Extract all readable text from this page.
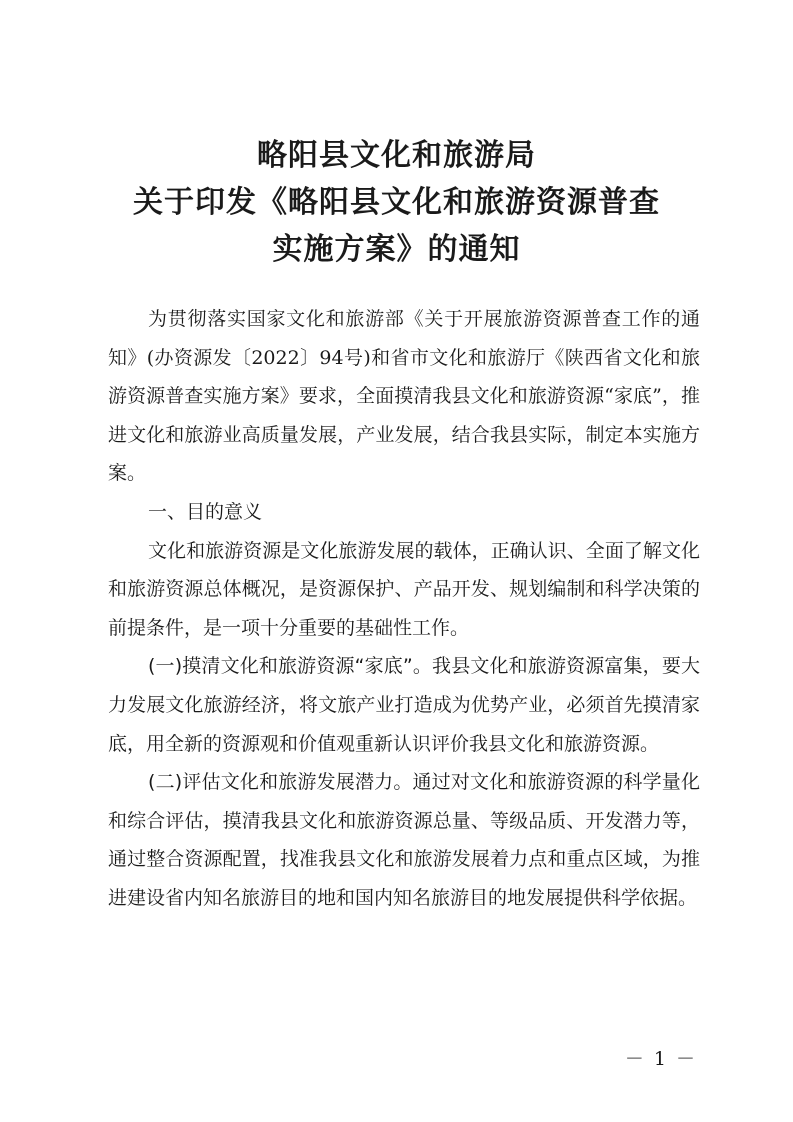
略阳县文化和旅游局
关于印发《略阳县文化和旅游资源普查
实施方案》的通知

为贯彻落实国家文化和旅游部《关于开展旅游资源普查工作的通知》(办资源发〔2022〕94号)和省市文化和旅游厅《陕西省文化和旅游资源普查实施方案》要求，全面摸清我县文化和旅游资源“家底”，推进文化和旅游业高质量发展，产业发展，结合我县实际，制定本实施方案。

一、目的意义

文化和旅游资源是文化旅游发展的载体，正确认识、全面了解文化和旅游资源总体概况，是资源保护、产品开发、规划编制和科学决策的前提条件，是一项十分重要的基础性工作。

(一)摸清文化和旅游资源“家底”。我县文化和旅游资源富集，要大力发展文化旅游经济，将文旅产业打造成为优势产业，必须首先摸清家底，用全新的资源观和价值观重新认识评价我县文化和旅游资源。

(二)评估文化和旅游发展潜力。通过对文化和旅游资源的科学量化和综合评估，摸清我县文化和旅游资源总量、等级品质、开发潜力等，通过整合资源配置，找准我县文化和旅游发展着力点和重点区域，为推进建设省内知名旅游目的地和国内知名旅游目的地发展提供科学依据。

－ 1 －
